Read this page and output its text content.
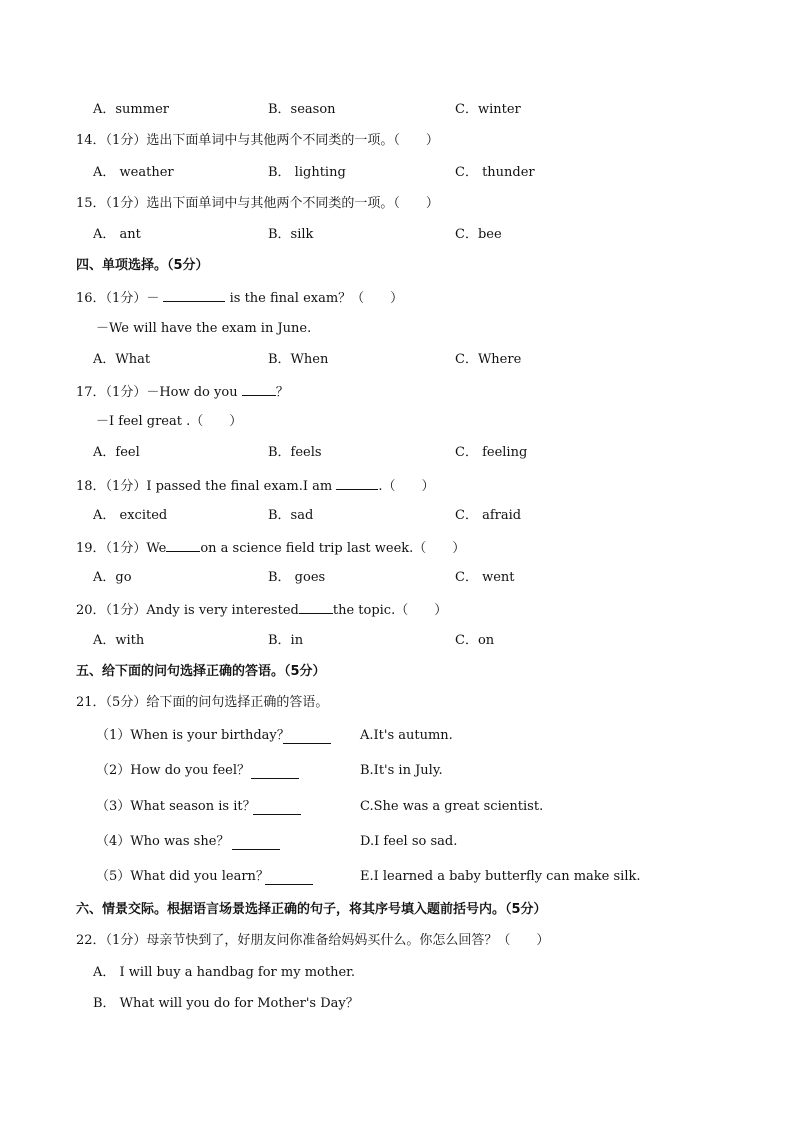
A．summer	B．season	C．winter
14．（1分）选出下面单词中与其他两个不同类的一项。（　　）
A． weather	B． lighting	C． thunder
15．（1分）选出下面单词中与其他两个不同类的一项。（　　）
A． ant	B．silk	C．bee
四、单项选择。（5分）
16．（1分）－	is the final exam？（　　）
－We will have the exam in June.
A．What	B．When	C．Where
17．（1分）－How do you	？
－I feel great .（　　）
A．feel	B．feels	C． feeling
18．（1分）I passed the final exam.I am	.（　　）
A． excited	B．sad	C． afraid
19．（1分）We	on a science field trip last week.（　　）
A．go	B． goes	C． went
20．（1分）Andy is very interested	the topic.（　　）
A．with	B．in	C．on
五、给下面的问句选择正确的答语。（5分）
21．（5分）给下面的问句选择正确的答语。
（1）When is your birthday？	A.It's autumn.
（2）How do you feel？	B.It's in July.
（3）What season is it？	C.She was a great scientist.
（4）Who was she？	D.I feel so sad.
（5）What did you learn？	E.I learned a baby butterfly can make silk.
六、情景交际。根据语言场景选择正确的句子，将其序号填入题前括号内。（5分）
22．（1分）母亲节快到了，好朋友问你准备给妈妈买什么。你怎么回答？（　　）
A． I will buy a handbag for my mother.
B． What will you do for Mother's Day？
